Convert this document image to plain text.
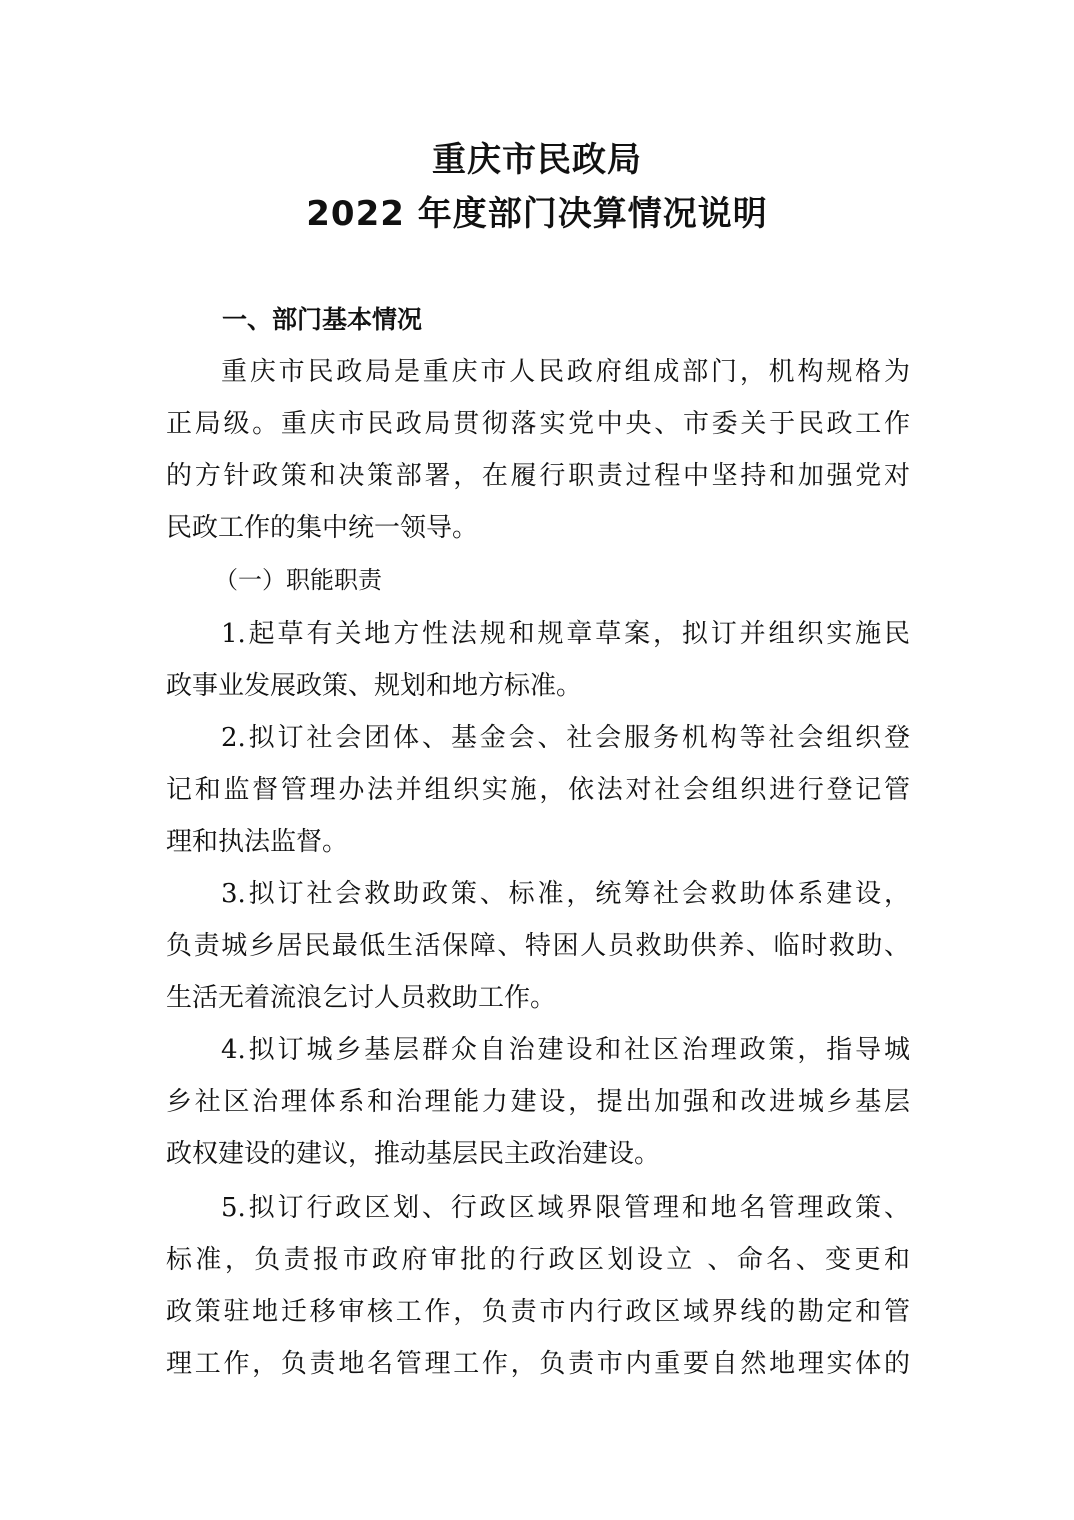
重庆市民政局
2022 年度部门决算情况说明
一、部门基本情况
重庆市民政局是重庆市人民政府组成部门，机构规格为
正局级。重庆市民政局贯彻落实党中央、市委关于民政工作
的方针政策和决策部署，在履行职责过程中坚持和加强党对
民政工作的集中统一领导。
（一）职能职责
1.起草有关地方性法规和规章草案，拟订并组织实施民
政事业发展政策、规划和地方标准。
2.拟订社会团体、基金会、社会服务机构等社会组织登
记和监督管理办法并组织实施，依法对社会组织进行登记管
理和执法监督。
3.拟订社会救助政策、标准，统筹社会救助体系建设，
负责城乡居民最低生活保障、特困人员救助供养、临时救助、
生活无着流浪乞讨人员救助工作。
4.拟订城乡基层群众自治建设和社区治理政策，指导城
乡社区治理体系和治理能力建设，提出加强和改进城乡基层
政权建设的建议，推动基层民主政治建设。
5.拟订行政区划、行政区域界限管理和地名管理政策、
标准，负责报市政府审批的行政区划设立 、命名、变更和
政策驻地迁移审核工作，负责市内行政区域界线的勘定和管
理工作，负责地名管理工作，负责市内重要自然地理实体的
